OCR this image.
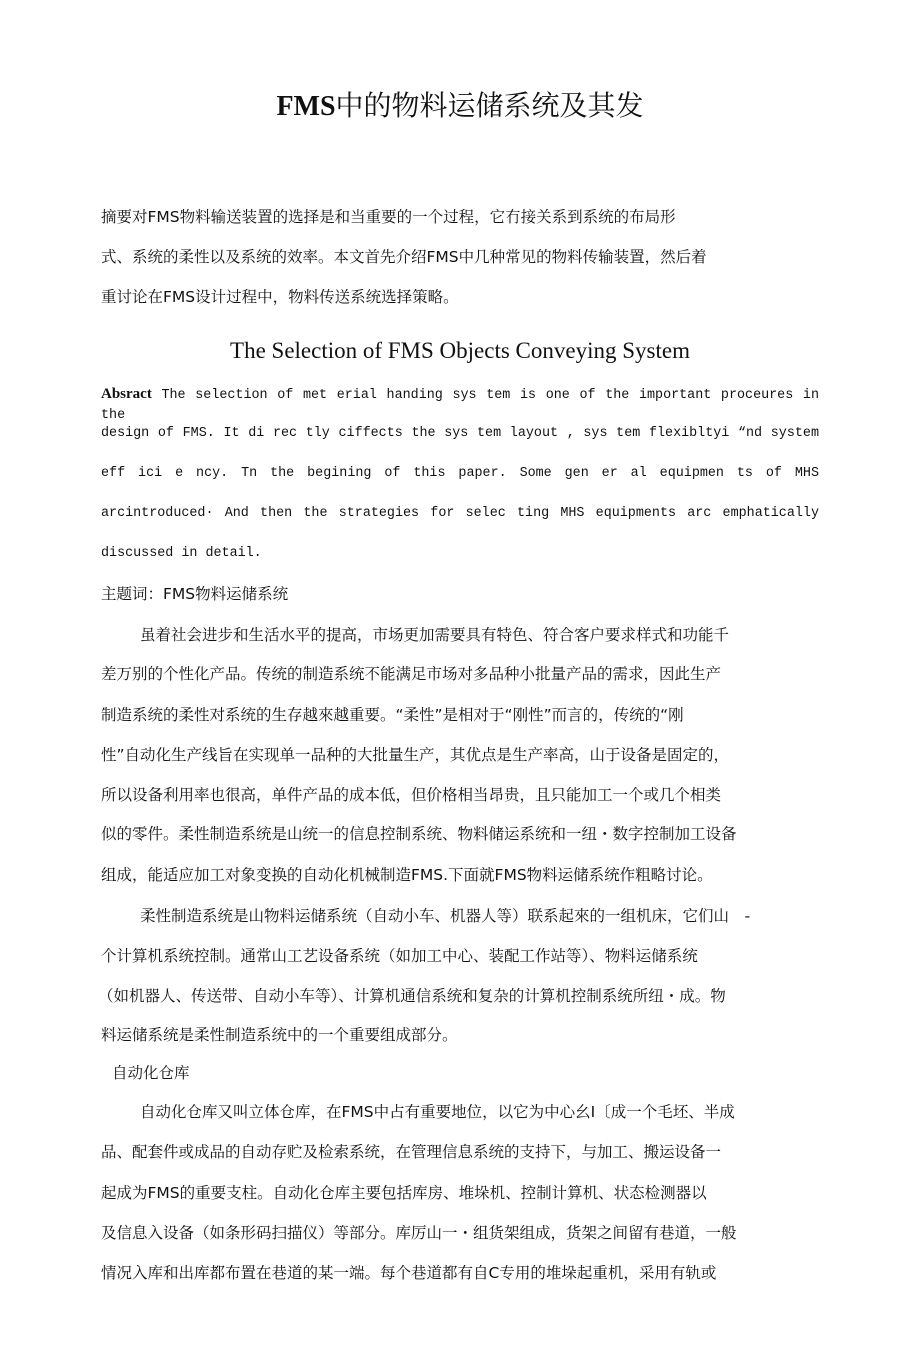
FMS中的物料运储系统及其发

摘要对FMS物料输送装置的选择是和当重要的一个过程，它冇接关系到系统的布局形

式、系统的柔性以及系统的效率。本文首先介绍FMS中几种常见的物料传输装置，然后着

重讨论在FMS设计过程中，物料传送系统选择策略。

The Selection of FMS Objects Conveying System

Absract The selection of met erial handing sys tem is one of the important proceures in the

design of FMS. It di rec tly ciffects the sys tem layout , sys tem flexibltyi “nd system

eff ici e ncy. Tn the begining of this paper. Some gen er al equipmen ts of MHS

arcintroduced· And then the strategies for selec ting MHS equipments arc emphatically

discussed in detail.

主题词：FMS物料运储系统

虽着社会进步和生活水平的提高，市场更加需要具有特色、符合客户要求样式和功能千

差万别的个性化产品。传统的制造系统不能满足市场对多品种小批量产品的需求，因此生产

制造系统的柔性对系统的生存越來越重要。“柔性”是相对于“刚性”而言的，传统的“刚

性”自动化生产线旨在实现单一品种的大批量生产，其优点是生产率高，山于设备是固定的，

所以设备利用率也很高，单件产品的成本低，但价格相当昂贵，且只能加工一个或几个相类

似的零件。柔性制造系统是山统一的信息控制系统、物料储运系统和一纽・数字控制加工设备

组成，能适应加工对象变换的自动化机械制造FMS.下面就FMS物料运储系统作粗略讨论。

柔性制造系统是山物料运储系统（自动小车、机器人等）联系起來的一组机床，它们山　-

个计算机系统控制。通常山工艺设备系统（如加工中心、装配工作站等）、物料运储系统

（如机器人、传送带、自动小车等）、计算机通信系统和复杂的计算机控制系统所纽・成。物

料运储系统是柔性制造系统中的一个重要组成部分。

自动化仓库

自动化仓库又叫立体仓库，在FMS中占有重要地位，以它为中心幺I〔成一个毛坯、半成

品、配套件或成品的自动存贮及检索系统，在管理信息系统的支持下，与加工、搬运设备一

起成为FMS的重要支柱。自动化仓库主要包括库房、堆垛机、控制计算机、状态检测器以

及信息入设备（如条形码扫描仪）等部分。库厉山一・组货架组成，货架之间留有巷道，一般

情况入库和出库都布置在巷道的某一端。每个巷道都有自C专用的堆垛起重机，采用有轨或
